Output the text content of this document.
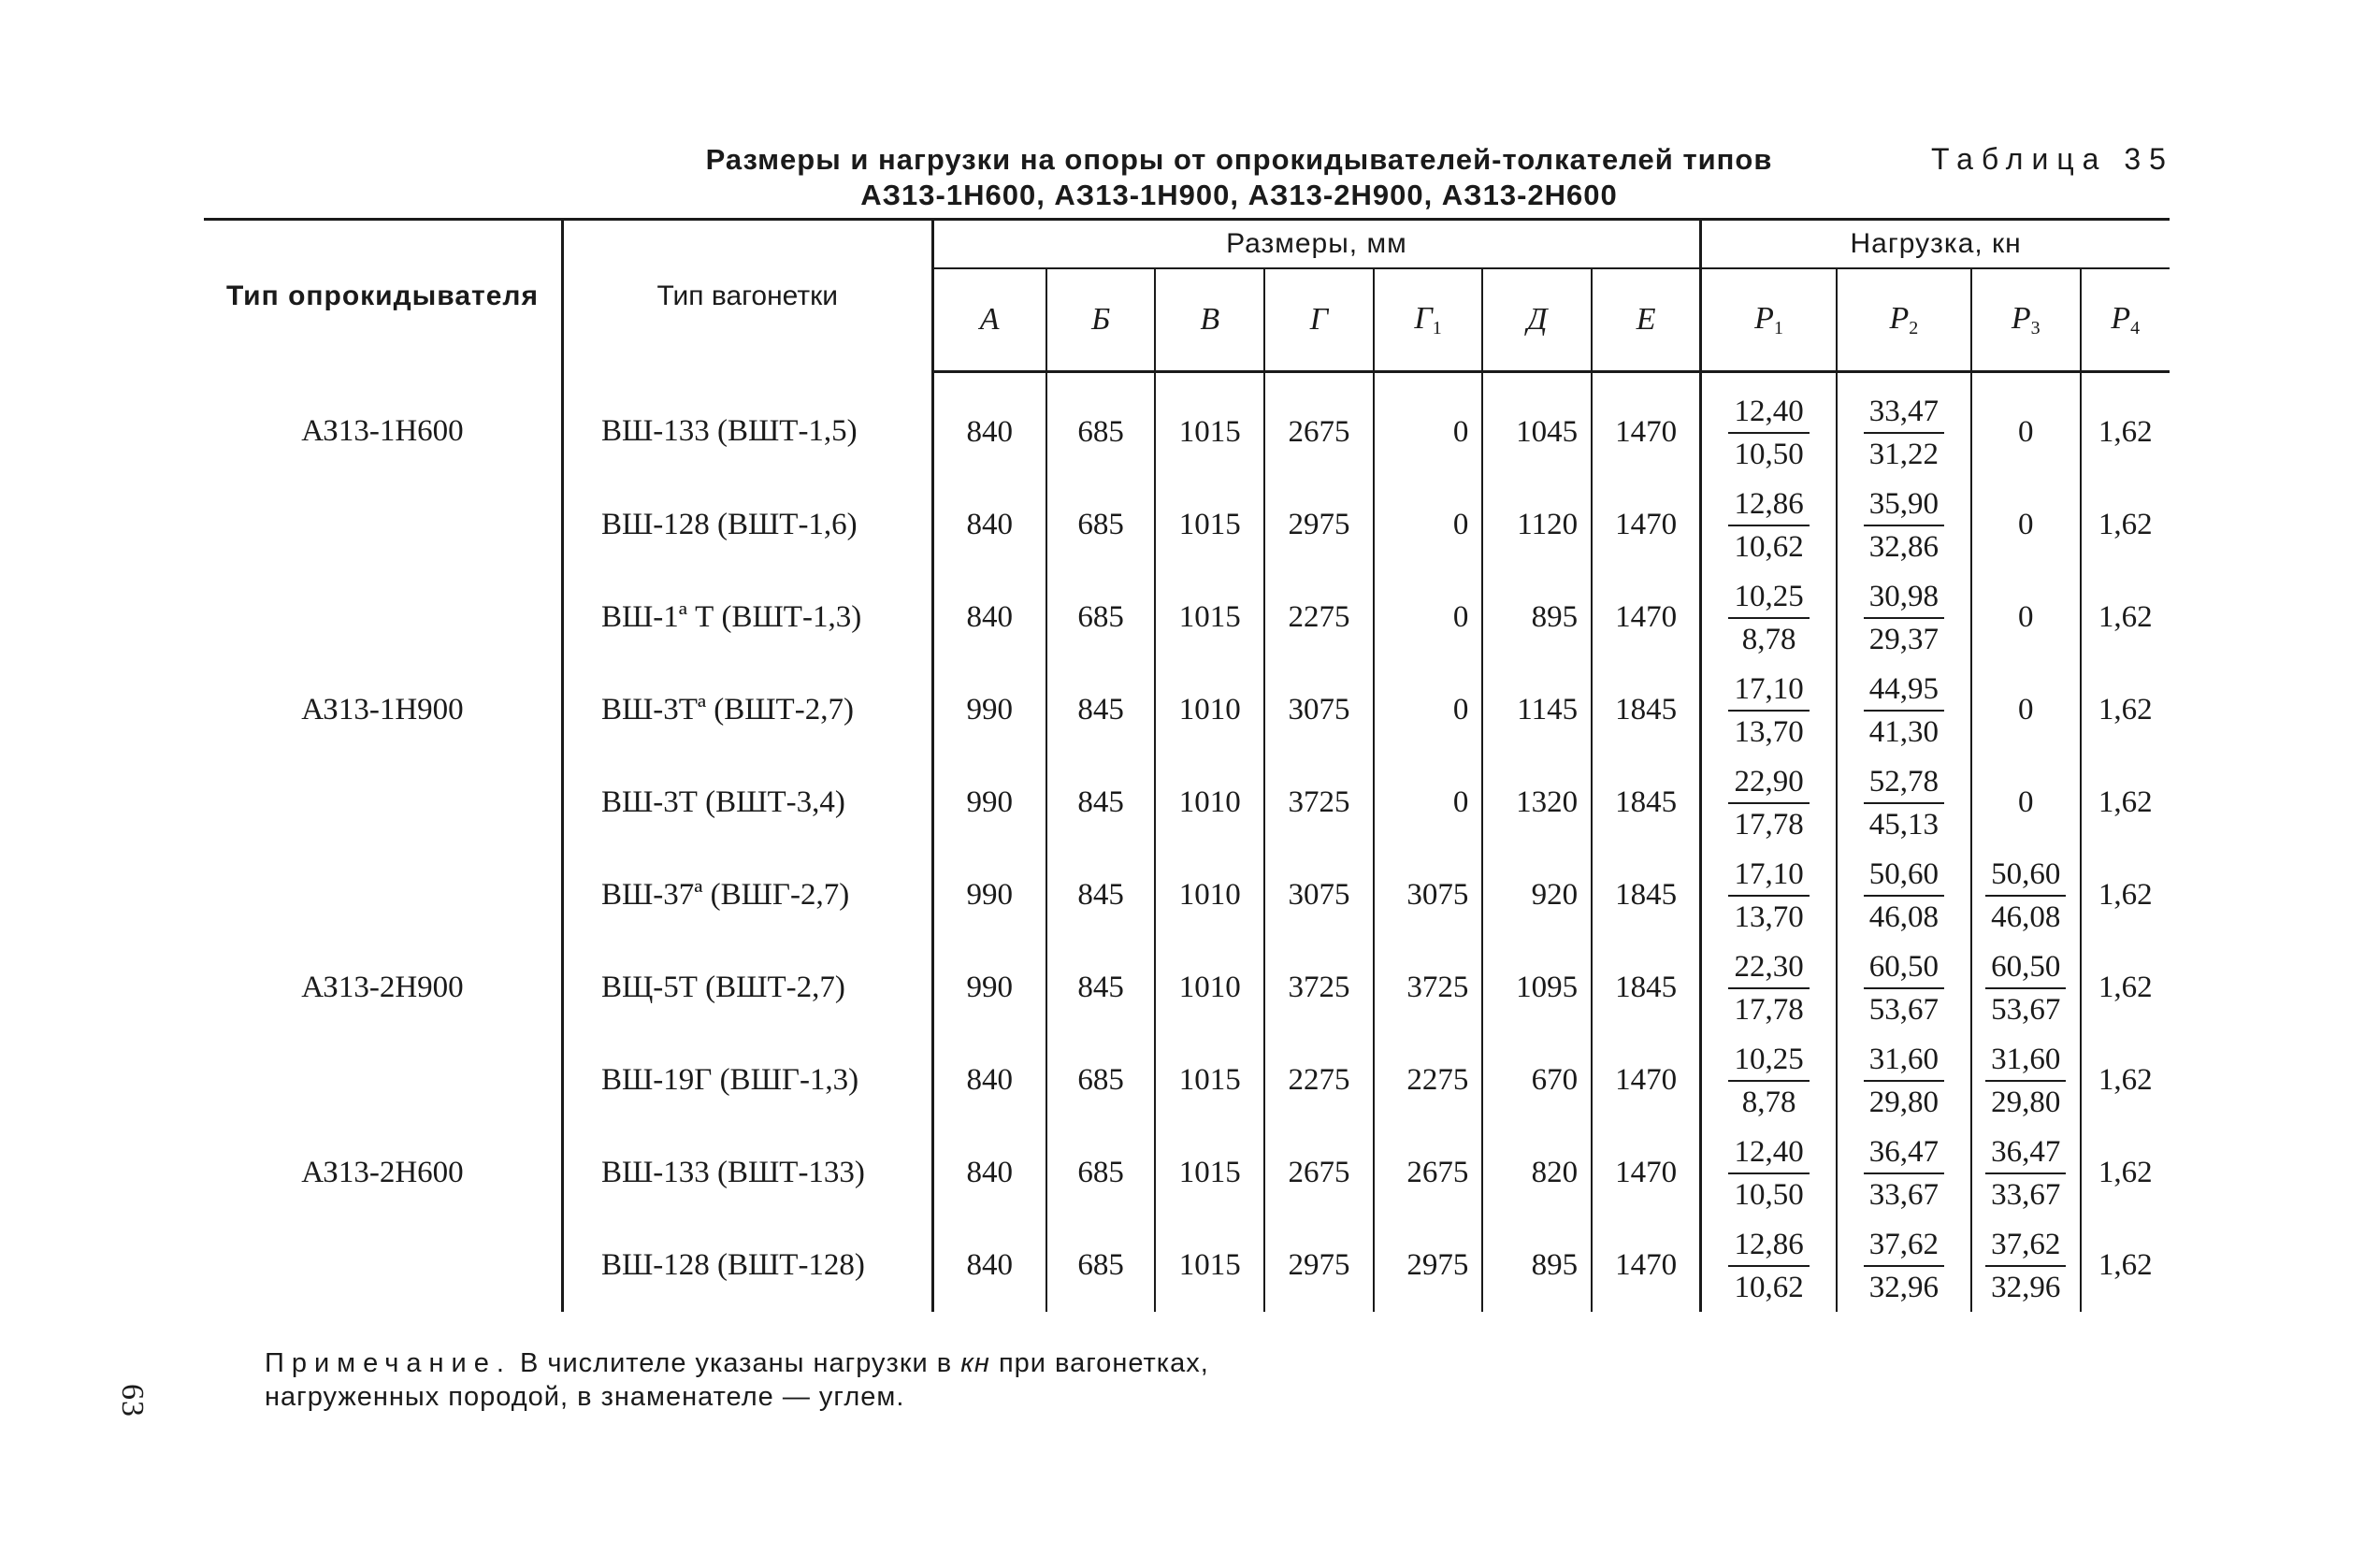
63
Размеры и нагрузки на опоры от опрокидывателей-толкателей типов
АЗ13-1Н600, АЗ13-1Н900, АЗ13-2Н900, АЗ13-2Н600
Таблица 35
Тип опрокидывателя	Тип вагонетки	Размеры, мм							Нагрузка, кн			
		А	Б	В	Г	$Г_1$	Д	Е	$P_1$	$P_2$	$P_3$	$P_4$
АЗ13-1Н600	ВШ-133 (ВШТ-1,5)	840	685	1015	2675	0	1045	1470	$\frac{12,40}{10,50}$	$\frac{33,47}{31,22}$	0	1,62
	ВШ-128 (ВШТ-1,6)	840	685	1015	2975	0	1120	1470	$\frac{12,86}{10,62}$	$\frac{35,90}{32,86}$	0	1,62
	ВШ-1ª Т (ВШТ-1,3)	840	685	1015	2275	0	895	1470	$\frac{10,25}{8,78}$	$\frac{30,98}{29,37}$	0	1,62
АЗ13-1Н900	ВШ-3Тª (ВШТ-2,7)	990	845	1010	3075	0	1145	1845	$\frac{17,10}{13,70}$	$\frac{44,95}{41,30}$	0	1,62
	ВШ-3Т (ВШТ-3,4)	990	845	1010	3725	0	1320	1845	$\frac{22,90}{17,78}$	$\frac{52,78}{45,13}$	0	1,62
	ВШ-37ª (ВШГ-2,7)	990	845	1010	3075	3075	920	1845	$\frac{17,10}{13,70}$	$\frac{50,60}{46,08}$	$\frac{50,60}{46,08}$	1,62
АЗ13-2Н900	ВЩ-5Т (ВШТ-2,7)	990	845	1010	3725	3725	1095	1845	$\frac{22,30}{17,78}$	$\frac{60,50}{53,67}$	$\frac{60,50}{53,67}$	1,62
	ВШ-19Г (ВШГ-1,3)	840	685	1015	2275	2275	670	1470	$\frac{10,25}{8,78}$	$\frac{31,60}{29,80}$	$\frac{31,60}{29,80}$	1,62
АЗ13-2Н600	ВШ-133 (ВШТ-133)	840	685	1015	2675	2675	820	1470	$\frac{12,40}{10,50}$	$\frac{36,47}{33,67}$	$\frac{36,47}{33,67}$	1,62
	ВШ-128 (ВШТ-128)	840	685	1015	2975	2975	895	1470	$\frac{12,86}{10,62}$	$\frac{37,62}{32,96}$	$\frac{37,62}{32,96}$	1,62
Примечание. В числителе указаны нагрузки в кн при вагонетках,
нагруженных породой, в знаменателе — углем.
